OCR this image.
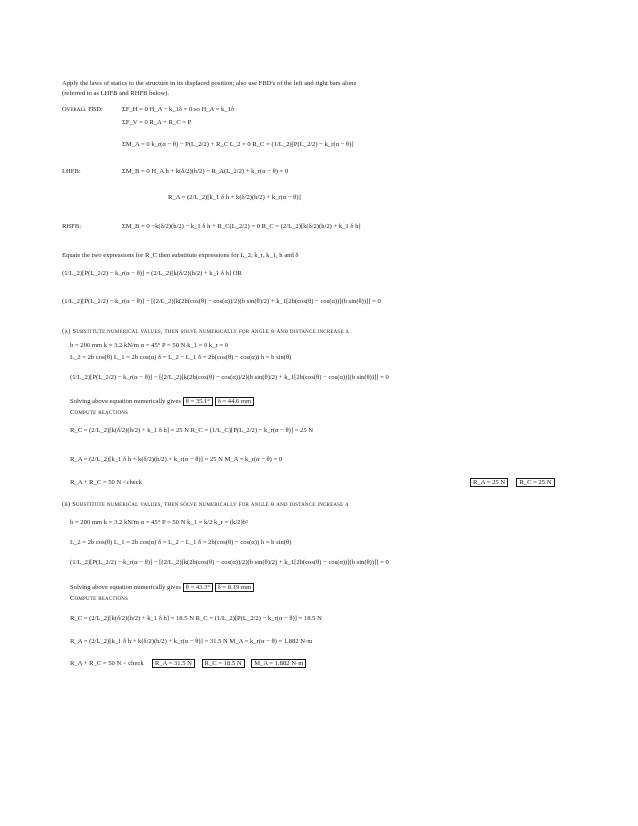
Apply the laws of statics to the structure in its displaced position; also use FBD's of the left and right bars alone
(referred to as LHFB and RHFB below).
Overall FBD:	ΣF_H = 0 H_A − k_1δ = 0 so H_A = k_1δ
ΣF_V = 0 R_A + R_C = P
ΣM_A = 0 k_r(α − θ) − P(L_2/2) + R_C L_2 = 0 R_C = (1/L_2)[P(L_2/2) − k_r(α − θ)]
LHFB:	ΣM_B = 0 H_A h + k(δ/2)(h/2) − R_A(L_2/2) + k_r(α − θ) = 0
R_A = (2/L_2)[k_1 δ h + k(δ/2)(h/2) + k_r(α − θ)]
RHFB:	ΣM_B = 0 −k(δ/2)(h/2) − k_1 δ h + R_C(L_2/2) = 0 R_C = (2/L_2)[k(δ/2)(h/2) + k_1 δ h]
Equate the two expressions for R_C then substitute expressions for L_2, k_r, k_1, h and δ
(1/L_2)[P(L_2/2) − k_r(α − θ)] = (2/L_2)[k(δ/2)(h/2) + k_1 δ h] OR
(1/L_2)[P(L_2/2) − k_r(α − θ)] − [(2/L_2)[k(2b(cos(θ) − cos(α))/2)(b sin(θ)/2) + k_1[2b(cos(θ) − cos(α))](b sin(θ))]] = 0
(a) Substitute numerical values, then solve numerically for angle θ and distance increase δ
b = 200 mm k = 3.2 kN/m α = 45° P = 50 N k_1 = 0 k_r = 0
L_2 = 2b cos(θ) L_1 = 2b cos(α) δ = L_2 − L_1 δ = 2b(cos(θ) − cos(α)) h = b sin(θ)
(1/L_2)[P(L_2/2) − k_r(α − θ)] − [(2/L_2)[k(2b(cos(θ) − cos(α))/2)(b sin(θ)/2) + k_1[2b(cos(θ) − cos(α))](b sin(θ))]] = 0
Solving above equation numerically gives θ = 35.1° δ = 44.6 mm
Compute reactions
R_C = (2/L_2)[k(δ/2)(h/2) + k_1 δ h] = 25 N R_C = (1/L_C)[P(L_2/2) − k_r(α − θ)] = 25 N
R_A = (2/L_2)[k_1 δ h + k(δ/2)(h/2) + k_r(α − θ)] = 25 N M_A = k_r(α − θ) = 0
R_A + R_C = 50 N <check	R_A = 25 N R_C = 25 N
(b) Substitute numerical values, then solve numerically for angle θ and distance increase δ
b = 200 mm k = 3.2 kN/m α = 45° P = 50 N k_1 = k/2 k_r = (k/2)b²
L_2 = 2b cos(θ) L_1 = 2b cos(α) δ = L_2 − L_1 δ = 2b(cos(θ) − cos(α)) h = b sin(θ)
(1/L_2)[P(L_2/2) − k_r(α − θ)] − [(2/L_2)[k(2b(cos(θ) − cos(α))/2)(b sin(θ)/2) + k_1[2b(cos(θ) − cos(α))](b sin(θ))]] = 0
Solving above equation numerically gives θ = 43.3° δ = 8.19 mm
Compute reactions
R_C = (2/L_2)[k(δ/2)(h/2) + k_1 δ h] = 18.5 N R_C = (1/L_2)[P(L_2/2) − k_r(α − θ)] = 18.5 N
R_A = (2/L_2)[k_1 δ h + k(δ/2)(h/2) + k_r(α − θ)] = 31.5 N M_A = k_r(α − θ) = 1.882 N·m
R_A + R_C = 50 N < check R_A = 31.5 N R_C = 18.5 N M_A = 1.882 N·m
